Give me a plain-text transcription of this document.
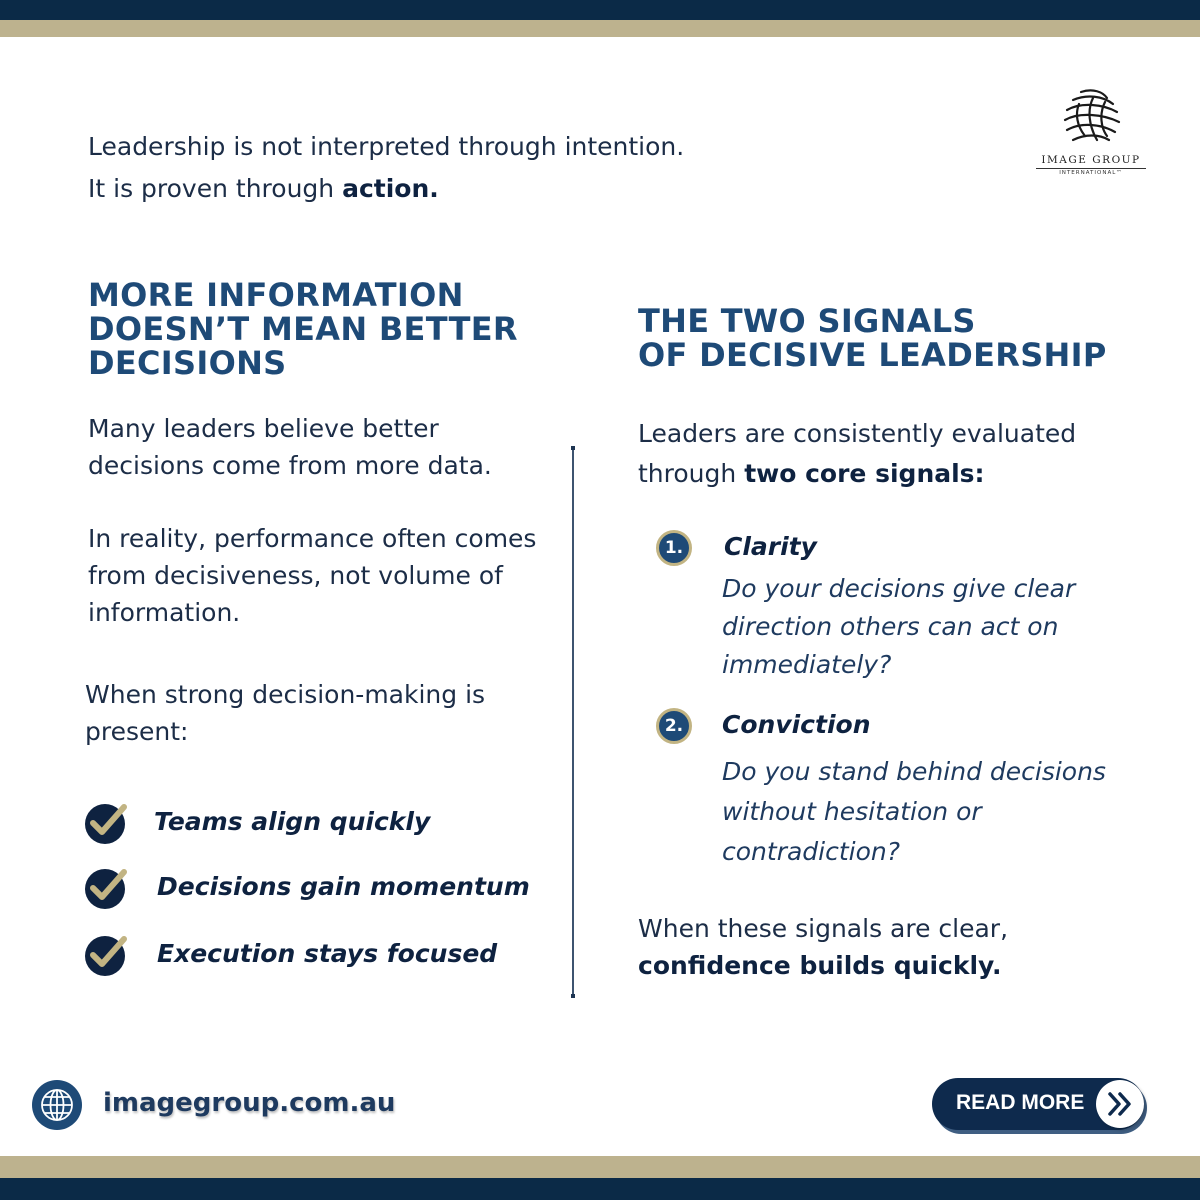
IMAGE GROUP
INTERNATIONAL™
Leadership is not interpreted through intention.
It is proven through action.
MORE INFORMATION DOESN’T MEAN BETTER DECISIONS
Many leaders believe better decisions come from more data.
In reality, performance often comes from decisiveness, not volume of information.
When strong decision-making is present:
Teams align quickly
Decisions gain momentum
Execution stays focused
THE TWO SIGNALS
OF DECISIVE LEADERSHIP
Leaders are consistently evaluated through two core signals:
1.	Clarity
Do your decisions give clear direction others can act on immediately?
2.	Conviction
Do you stand behind decisions without hesitation or contradiction?
When these signals are clear,
confidence builds quickly.
imagegroup.com.au	READ MORE
